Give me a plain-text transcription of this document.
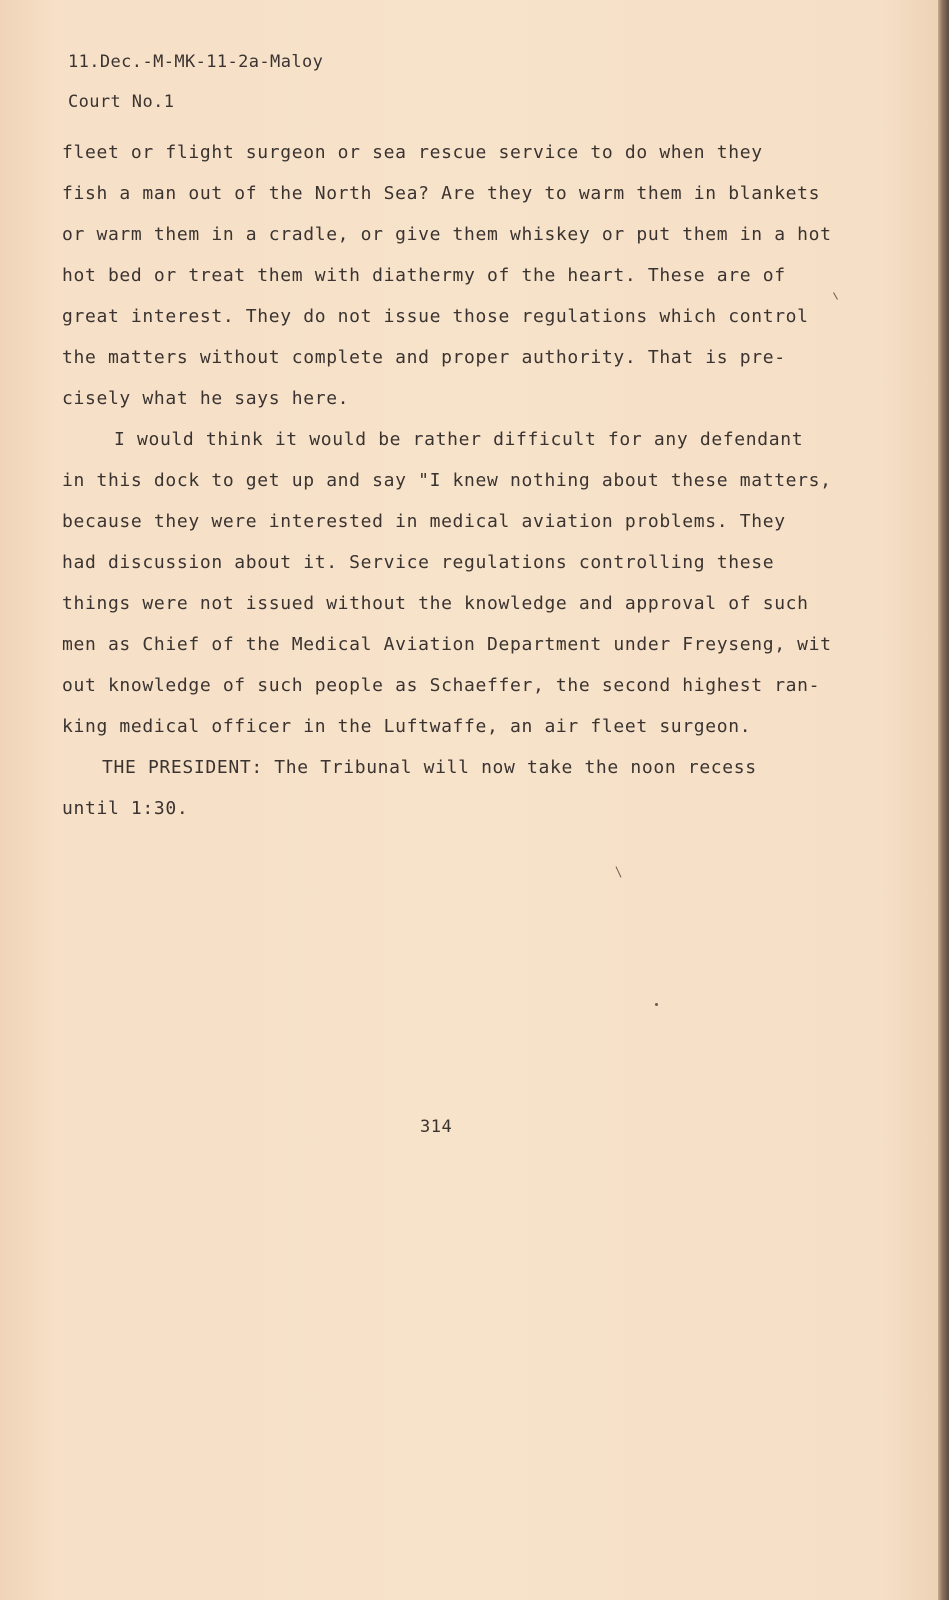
11.Dec.-M-MK-11-2a-Maloy
Court No.1
fleet or flight surgeon or sea rescue service to do when they
fish a man out of the North Sea? Are they to warm them in blankets
or warm them in a cradle, or give them whiskey or put them in a hot
hot bed or treat them with diathermy of the heart. These are of
great interest. They do not issue those regulations which control
the matters without complete and proper authority. That is pre-
cisely what he says here.
I would think it would be rather difficult for any defendant
in this dock to get up and say "I knew nothing about these matters,
because they were interested in medical aviation problems. They
had discussion about it. Service regulations controlling these
things were not issued without the knowledge and approval of such
men as Chief of the Medical Aviation Department under Freyseng, wit
out knowledge of such people as Schaeffer, the second highest ran-
king medical officer in the Luftwaffe, an air fleet surgeon.
THE PRESIDENT: The Tribunal will now take the noon recess
until 1:30.
314
